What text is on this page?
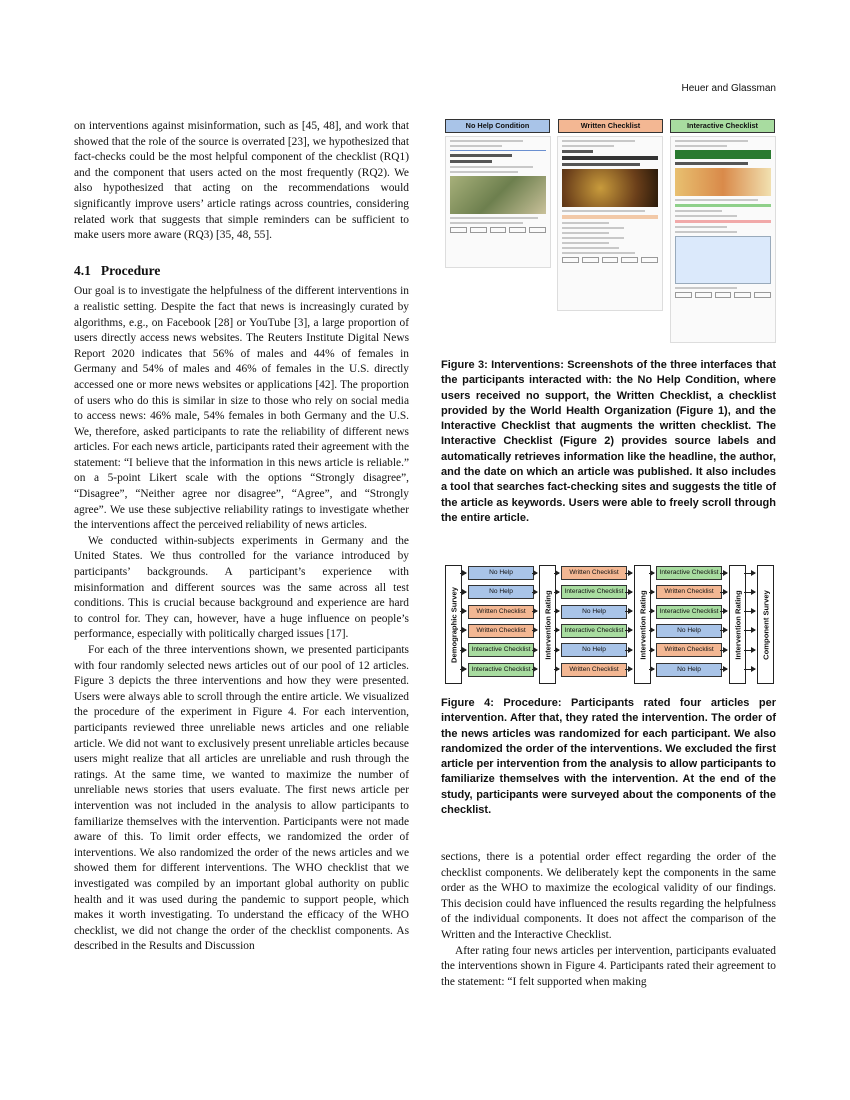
Heuer and Glassman

on interventions against misinformation, such as [45, 48], and work that showed that the role of the source is overrated [23], we hypothesized that fact-checks could be the most helpful component of the checklist (RQ1) and the component that users acted on the most frequently (RQ2). We also hypothesized that acting on the recommendations would significantly improve users’ article ratings across countries, considering related work that suggests that simple reminders can be sufficient to make users more aware (RQ3) [35, 48, 55].

4.1 Procedure

Our goal is to investigate the helpfulness of the different interventions in a realistic setting. Despite the fact that news is increasingly curated by algorithms, e.g., on Facebook [28] or YouTube [3], a large proportion of users directly access news websites. The Reuters Institute Digital News Report 2020 indicates that 56% of males and 44% of females in Germany and 54% of males and 46% of females in the U.S. directly accessed one or more news websites or applications [42]. The proportion of users who do this is similar in size to those who rely on social media to access news: 46% male, 54% females in both Germany and the U.S. We, therefore, asked participants to rate the reliability of different news articles. For each news article, participants rated their agreement with the statement: “I believe that the information in this news article is reliable.” on a 5-point Likert scale with the options “Strongly disagree”, “Disagree”, “Neither agree nor disagree”, “Agree”, and “Strongly agree”. We use these subjective reliability ratings to investigate whether the interventions affect the perceived reliability of news articles.

We conducted within-subjects experiments in Germany and the United States. We thus controlled for the variance introduced by participants’ backgrounds. A participant’s experience with misinformation and different sources was the same across all test conditions. This is crucial because background and experience are hard to control for. They can, however, have a huge influence on people’s performance, especially with politically charged issues [17].

For each of the three interventions shown, we presented participants with four randomly selected news articles out of our pool of 12 articles. Figure 3 depicts the three interventions and how they were presented. Users were always able to scroll through the entire article. We visualized the procedure of the experiment in Figure 4. For each intervention, participants reviewed three unreliable news articles and one reliable article. We did not want to exclusively present unreliable articles because users might realize that all articles are unreliable and rush through the ratings. At the same time, we wanted to maximize the number of unreliable news stories that users evaluate. The first news article per intervention was not included in the analysis to allow participants to familiarize themselves with the intervention. Participants were not made aware of this. To limit order effects, we randomized the order of interventions. We also randomized the order of the news articles and we showed them for different interventions. The WHO checklist that we investigated was compiled by an important global authority on public health and it was used during the pandemic to support people, which makes it worth investigating. To understand the efficacy of the WHO checklist, we did not change the order of the checklist components. As described in the Results and Discussion

No Help Condition	Written Checklist	Interactive Checklist
Figure 3: Interventions: Screenshots of the three interfaces that the participants interacted with: the No Help Condition, where users received no support, the Written Checklist, a checklist provided by the World Health Organization (Figure 1), and the Interactive Checklist that augments the written checklist. The Interactive Checklist (Figure 2) provides source labels and automatically retrieves information like the headline, the author, and the date on which an article was published. It also includes a tool that searches fact-checking sites and suggests the title of the article as keywords. Users were able to freely scroll through the entire article.
Demographic Survey	Intervention Rating	Intervention Rating	Intervention Rating	Component Survey
No Help	Written Checklist	Interactive Checklist
No Help	Interactive Checklist	Written Checklist
Written Checklist	No Help	Interactive Checklist
Written Checklist	Interactive Checklist	No Help
Interactive Checklist	No Help	Written Checklist
Interactive Checklist	Written Checklist	No Help
Figure 4: Procedure: Participants rated four articles per intervention. After that, they rated the intervention. The order of the news articles was randomized for each participant. We also randomized the order of the interventions. We excluded the first article per intervention from the analysis to allow participants to familiarize themselves with the intervention. At the end of the study, participants were surveyed about the components of the checklist.

sections, there is a potential order effect regarding the order of the checklist components. We deliberately kept the components in the same order as the WHO to maximize the ecological validity of our findings. This decision could have influenced the results regarding the helpfulness of the individual components. It does not affect the comparison of the Written and the Interactive Checklist.

After rating four news articles per intervention, participants evaluated the interventions shown in Figure 4. Participants rated their agreement to the statement: “I felt supported when making
